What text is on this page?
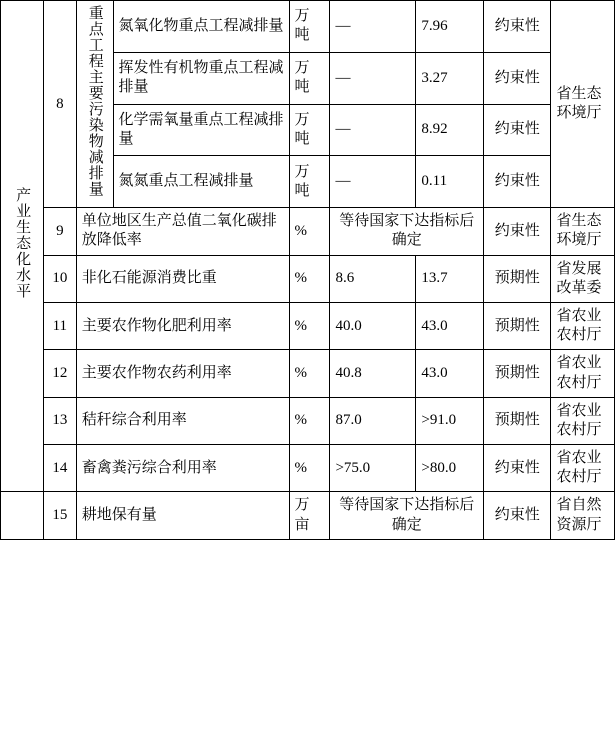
产业生态化水平	8	重点工程主要污染物减排量	氮氧化物重点工程减排量	万吨	—	7.96	约束性	省生态环境厅
			挥发性有机物重点工程减排量	万吨	—	3.27	约束性	
			化学需氧量重点工程减排量	万吨	—	8.92	约束性	
			氮氮重点工程减排量	万吨	—	0.11	约束性	
	9	单位地区生产总值二氧化碳排放降低率		%	等待国家下达指标后确定		约束性	省生态环境厅
	10	非化石能源消费比重		%	8.6	13.7	预期性	省发展改革委
	11	主要农作物化肥利用率		%	40.0	43.0	预期性	省农业农村厅
	12	主要农作物农药利用率		%	40.8	43.0	预期性	省农业农村厅
	13	秸秆综合利用率		%	87.0	>91.0	预期性	省农业农村厅
	14	畜禽粪污综合利用率		%	>75.0	>80.0	约束性	省农业农村厅
	15	耕地保有量		万亩	等待国家下达指标后确定		约束性	省自然资源厅
